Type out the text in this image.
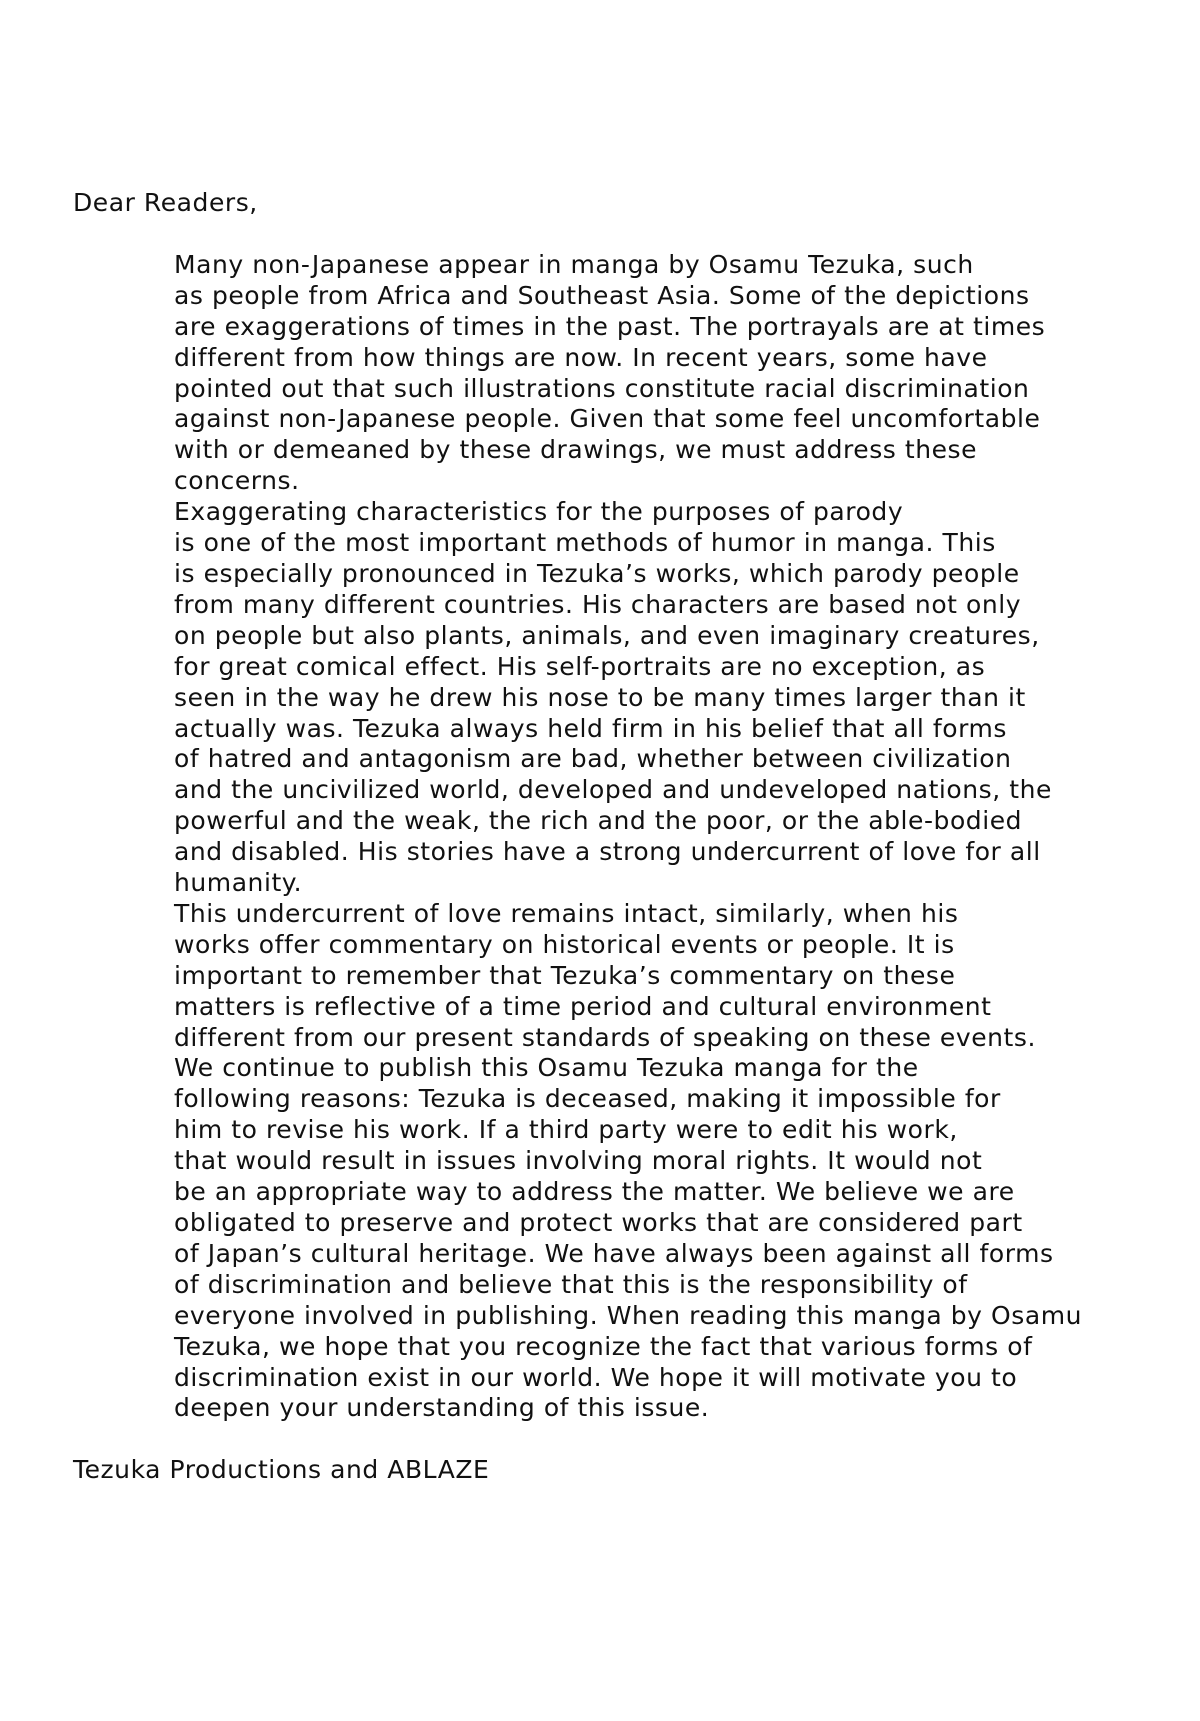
Dear Readers,

Many non-Japanese appear in manga by Osamu Tezuka, such
as people from Africa and Southeast Asia. Some of the depictions
are exaggerations of times in the past. The portrayals are at times
different from how things are now. In recent years, some have
pointed out that such illustrations constitute racial discrimination
against non-Japanese people. Given that some feel uncomfortable
with or demeaned by these drawings, we must address these
concerns.

Exaggerating characteristics for the purposes of parody
is one of the most important methods of humor in manga. This
is especially pronounced in Tezuka’s works, which parody people
from many different countries. His characters are based not only
on people but also plants, animals, and even imaginary creatures,
for great comical effect. His self-portraits are no exception, as
seen in the way he drew his nose to be many times larger than it
actually was. Tezuka always held firm in his belief that all forms
of hatred and antagonism are bad, whether between civilization
and the uncivilized world, developed and undeveloped nations, the
powerful and the weak, the rich and the poor, or the able-bodied
and disabled. His stories have a strong undercurrent of love for all
humanity.

This undercurrent of love remains intact, similarly, when his
works offer commentary on historical events or people. It is
important to remember that Tezuka’s commentary on these
matters is reflective of a time period and cultural environment
different from our present standards of speaking on these events.

We continue to publish this Osamu Tezuka manga for the
following reasons: Tezuka is deceased, making it impossible for
him to revise his work. If a third party were to edit his work,
that would result in issues involving moral rights. It would not
be an appropriate way to address the matter. We believe we are
obligated to preserve and protect works that are considered part
of Japan’s cultural heritage. We have always been against all forms
of discrimination and believe that this is the responsibility of
everyone involved in publishing. When reading this manga by Osamu
Tezuka, we hope that you recognize the fact that various forms of
discrimination exist in our world. We hope it will motivate you to
deepen your understanding of this issue.

Tezuka Productions and ABLAZE
